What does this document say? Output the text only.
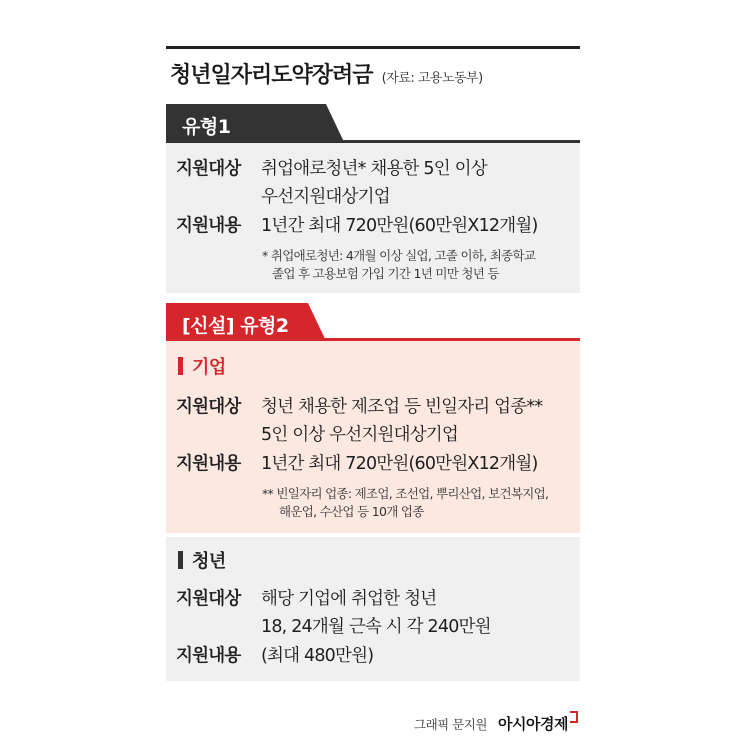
청년일자리도약장려금 (자료: 고용노동부)
유형1
지원대상 취업애로청년* 채용한 5인 이상
우선지원대상기업
지원내용 1년간 최대 720만원(60만원X12개월)
* 취업애로청년: 4개월 이상 실업, 고졸 이하, 최종학교
졸업 후 고용보험 가입 기간 1년 미만 청년 등
[신설] 유형2
기업
지원대상 청년 채용한 제조업 등 빈일자리 업종**
5인 이상 우선지원대상기업
지원내용 1년간 최대 720만원(60만원X12개월)
** 빈일자리 업종: 제조업, 조선업, 뿌리산업, 보건복지업,
해운업, 수산업 등 10개 업종
청년
지원대상 해당 기업에 취업한 청년
18, 24개월 근속 시 각 240만원
지원내용 (최대 480만원)
그래픽 문지원 아시아경제
